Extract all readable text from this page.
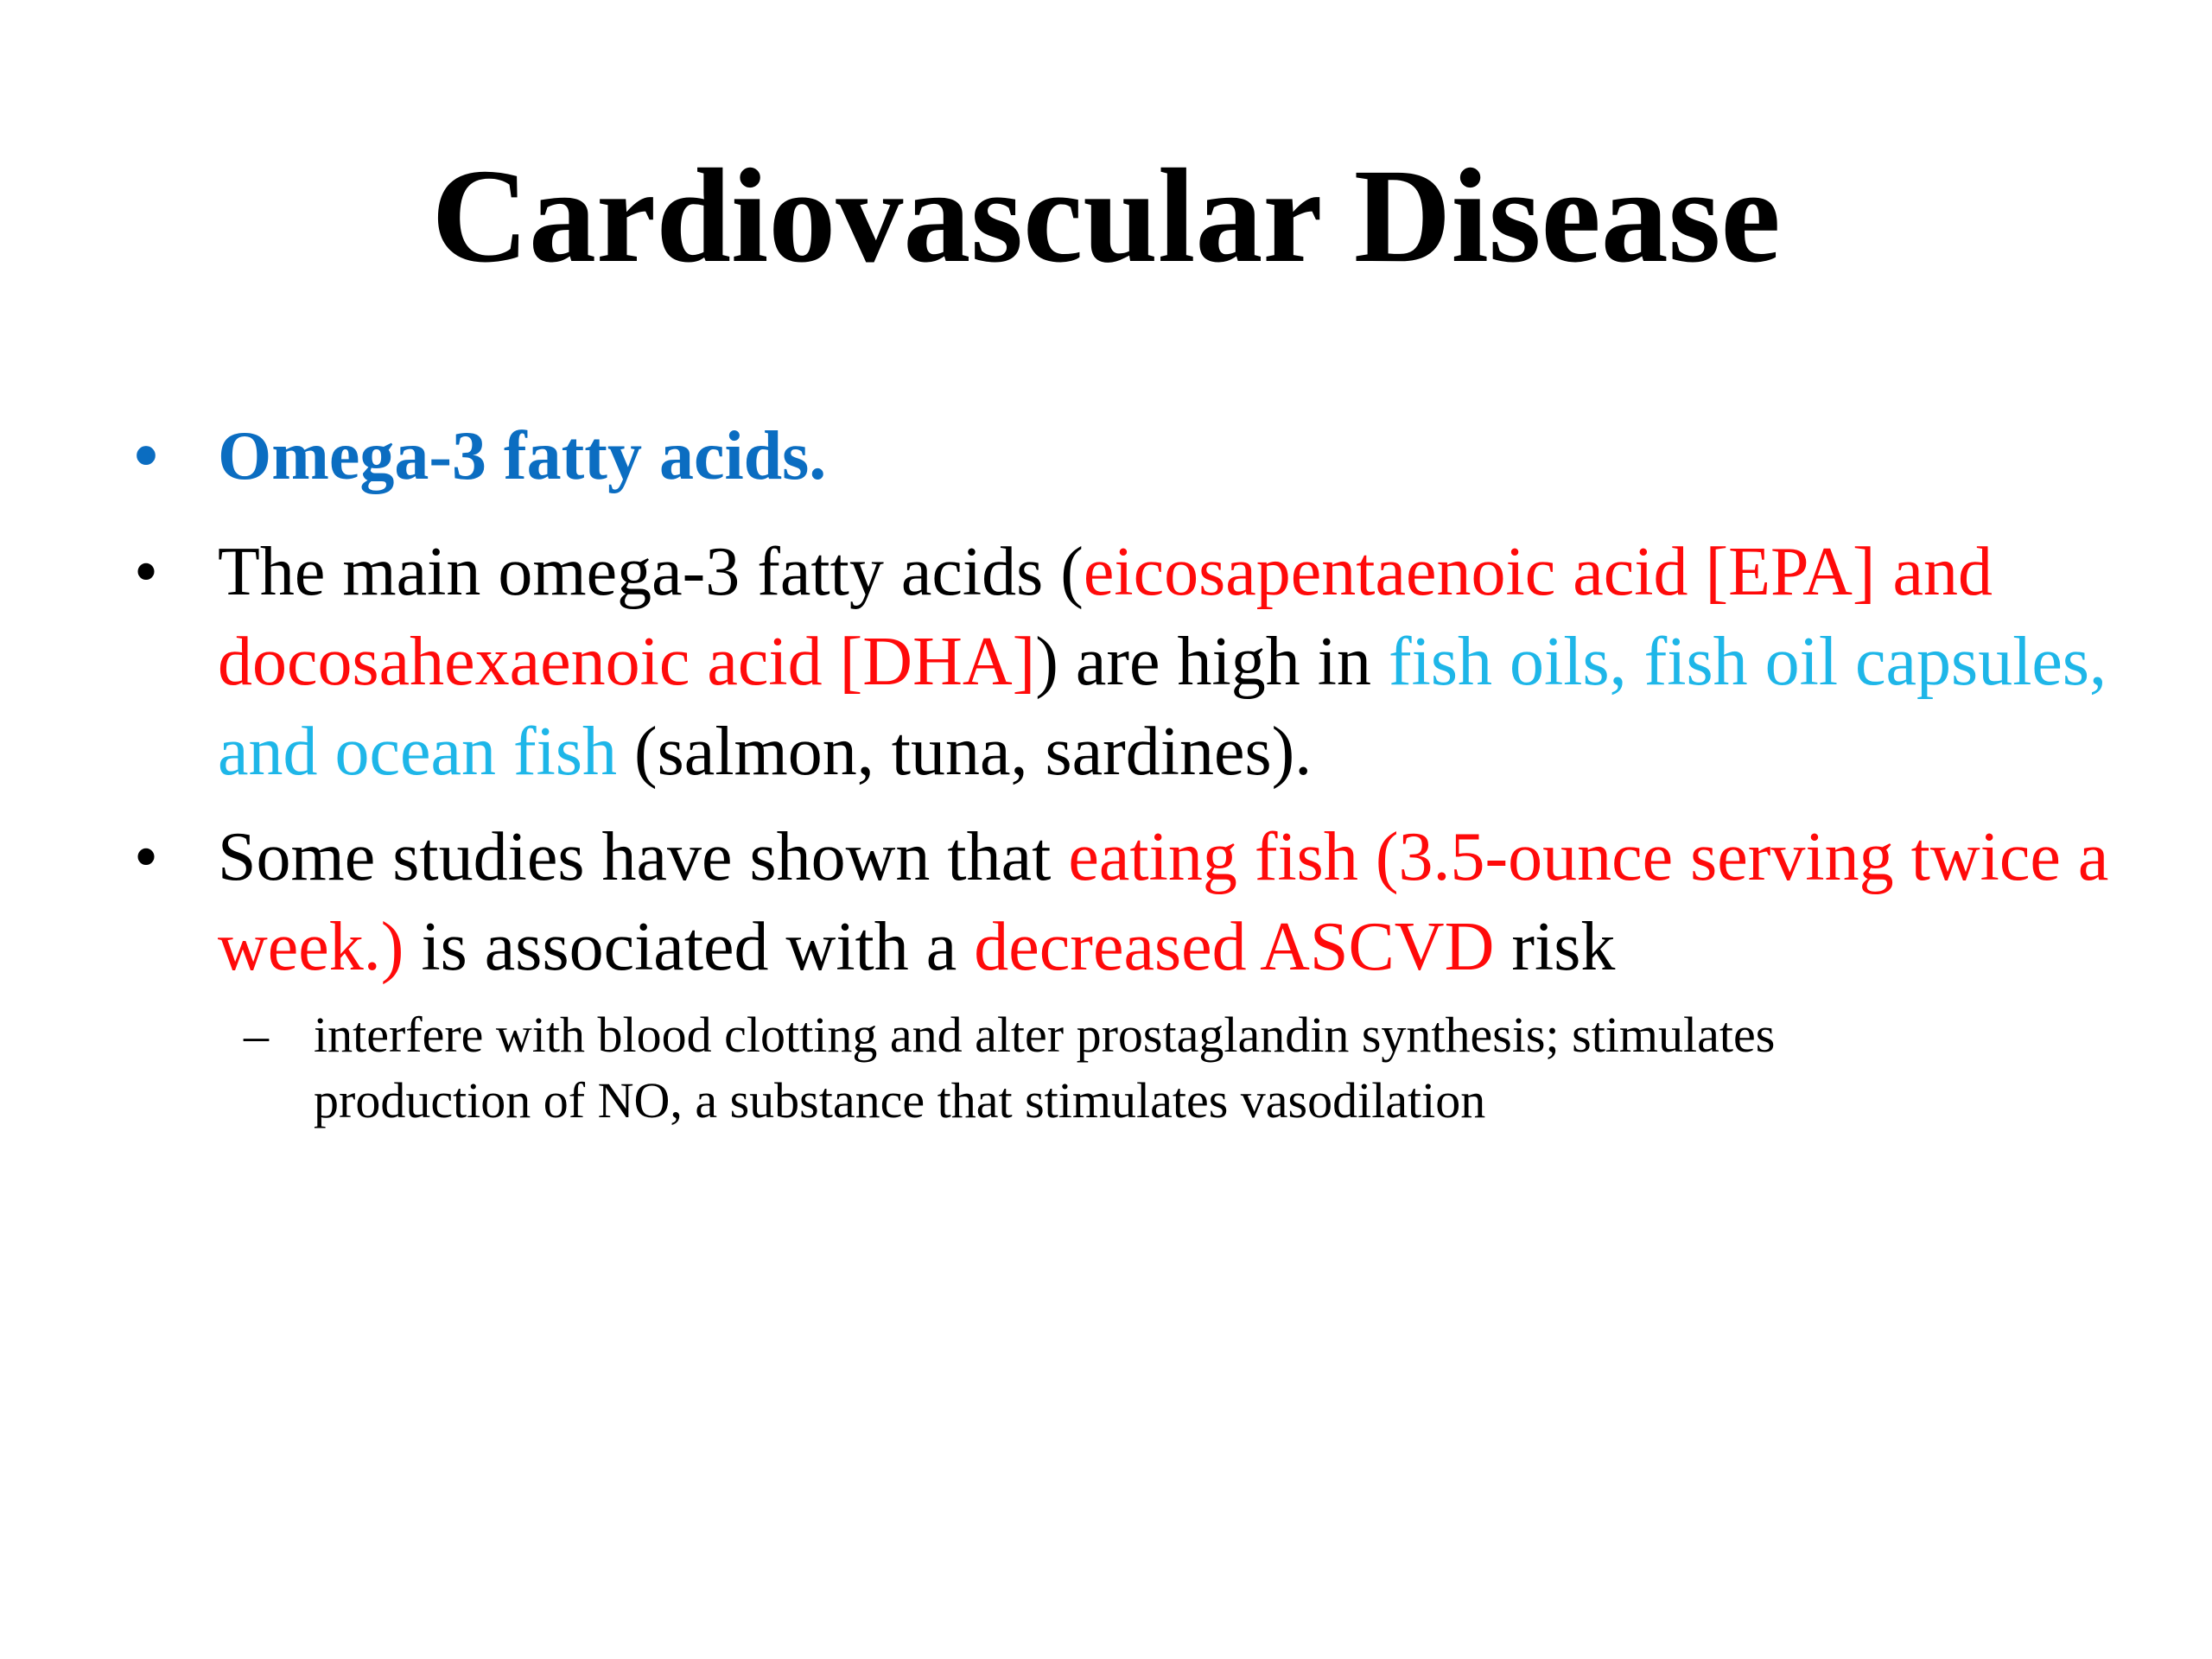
Cardiovascular Disease
• Omega-3 fatty acids.
• The main omega-3 fatty acids (eicosapentaenoic acid [EPA] and docosahexaenoic acid [DHA]) are high in fish oils, fish oil capsules, and ocean fish (salmon, tuna, sardines).
• Some studies have shown that eating fish (3.5-ounce serving twice a week.) is associated with a decreased ASCVD risk
– interfere with blood clotting and alter prostaglandin synthesis; stimulates production of NO, a substance that stimulates vasodilation
